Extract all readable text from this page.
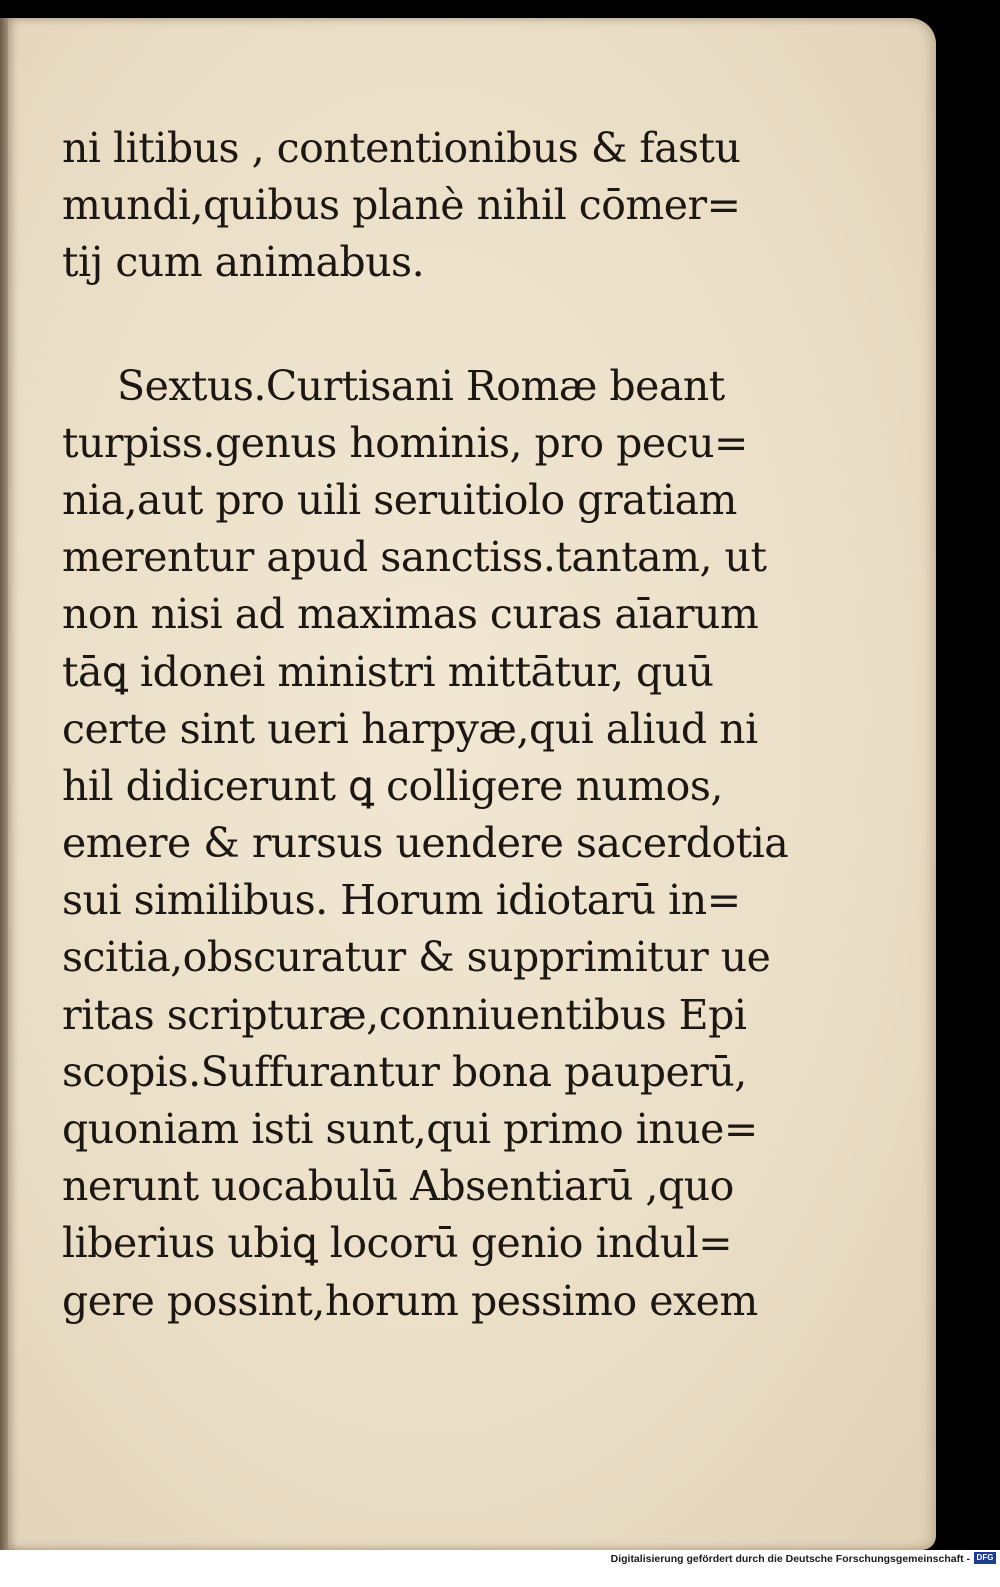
ni litibus , contentionibus & fastu
mundi,quibus planè nihil cōmer=
tij cum animabus.
Sextus.Curtisani Romæ beant
turpiss.genus hominis, pro pecu=
nia,aut pro uili seruitiolo gratiam
merentur apud sanctiss.tantam, ut
non nisi ad maximas curas aīarum
tāꝗ idonei ministri mittātur, quū
certe sint ueri harpyæ,qui aliud ni
hil didicerunt ꝗ colligere numos,
emere & rursus uendere sacerdotia
sui similibus. Horum idiotarū in=
scitia,obscuratur & supprimitur ue
ritas scripturæ,conniuentibus Epi
scopis.Suffurantur bona pauperū,
quoniam isti sunt,qui primo inue=
nerunt uocabulū Absentiarū ,quo
liberius ubiꝗ locorū genio indul=
gere possint,horum pessimo exem
Digitalisierung gefördert durch die Deutsche Forschungsgemeinschaft - DFG
